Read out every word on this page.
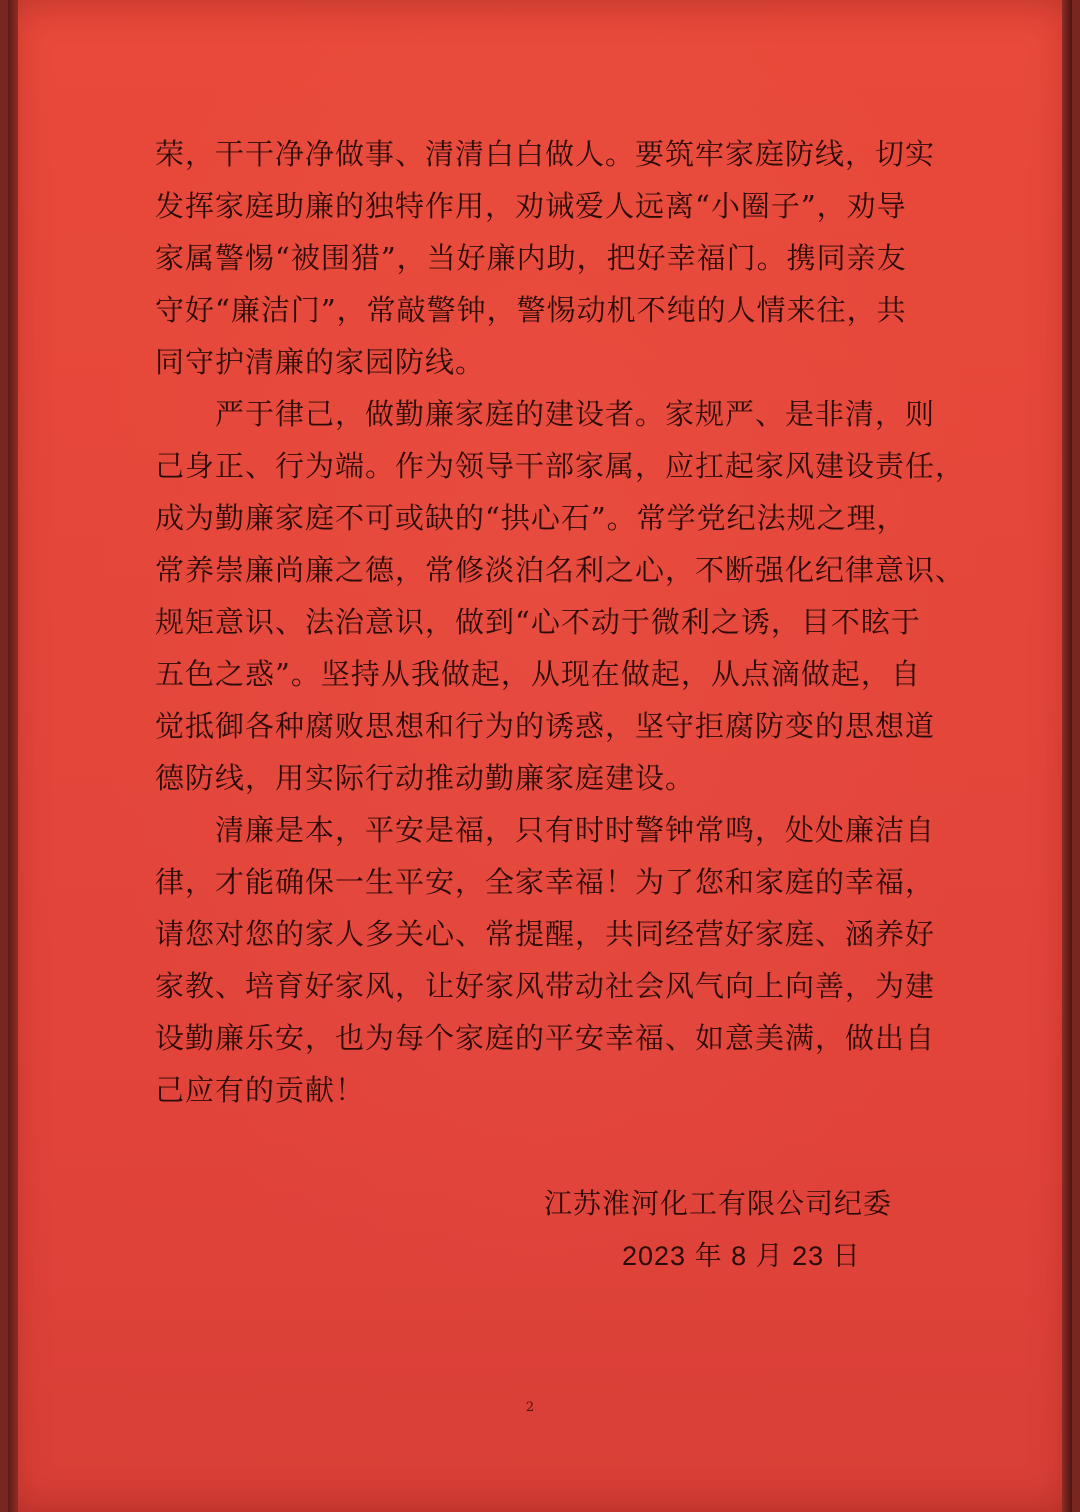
荣，干干净净做事、清清白白做人。要筑牢家庭防线，切实
发挥家庭助廉的独特作用，劝诫爱人远离“小圈子”，劝导
家属警惕“被围猎”，当好廉内助，把好幸福门。携同亲友
守好“廉洁门”，常敲警钟，警惕动机不纯的人情来往，共
同守护清廉的家园防线。
　　严于律己，做勤廉家庭的建设者。家规严、是非清，则
己身正、行为端。作为领导干部家属，应扛起家风建设责任，
成为勤廉家庭不可或缺的“拱心石”。常学党纪法规之理，
常养崇廉尚廉之德，常修淡泊名利之心，不断强化纪律意识、
规矩意识、法治意识，做到“心不动于微利之诱，目不眩于
五色之惑”。坚持从我做起，从现在做起，从点滴做起，自
觉抵御各种腐败思想和行为的诱惑，坚守拒腐防变的思想道
德防线，用实际行动推动勤廉家庭建设。
　　清廉是本，平安是福，只有时时警钟常鸣，处处廉洁自
律，才能确保一生平安，全家幸福！为了您和家庭的幸福，
请您对您的家人多关心、常提醒，共同经营好家庭、涵养好
家教、培育好家风，让好家风带动社会风气向上向善，为建
设勤廉乐安，也为每个家庭的平安幸福、如意美满，做出自
己应有的贡献！
江苏淮河化工有限公司纪委
2023 年 8 月 23 日
2
